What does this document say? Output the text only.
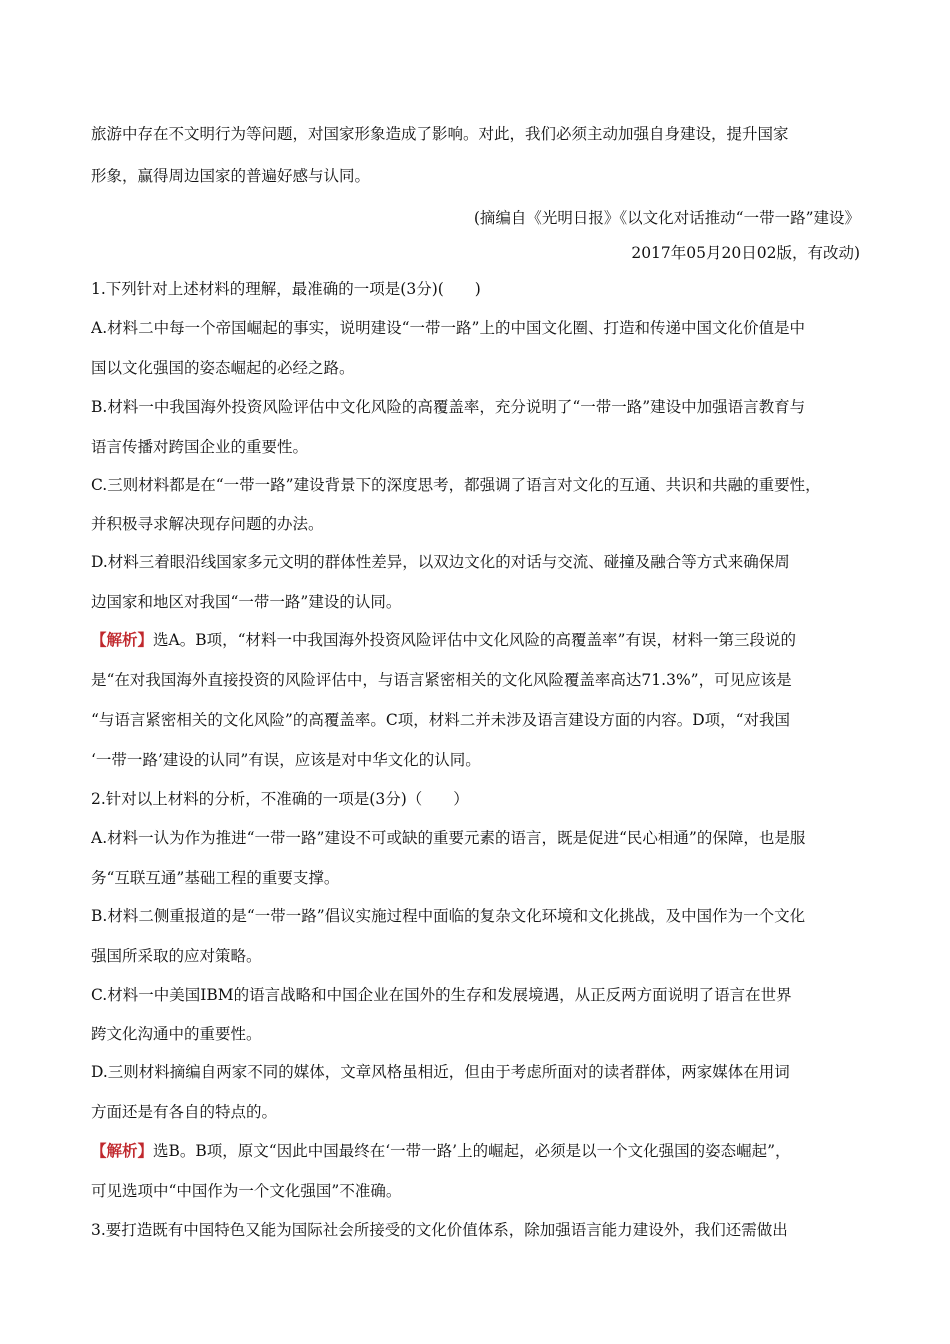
旅游中存在不文明行为等问题，对国家形象造成了影响。对此，我们必须主动加强自身建设，提升国家
形象，赢得周边国家的普遍好感与认同。
(摘编自《光明日报》《以文化对话推动“一带一路”建设》
2017年05月20日02版，有改动)
1.下列针对上述材料的理解，最准确的一项是(3分)(　　)
A.材料二中每一个帝国崛起的事实，说明建设“一带一路”上的中国文化圈、打造和传递中国文化价值是中
国以文化强国的姿态崛起的必经之路。
B.材料一中我国海外投资风险评估中文化风险的高覆盖率，充分说明了“一带一路”建设中加强语言教育与
语言传播对跨国企业的重要性。
C.三则材料都是在“一带一路”建设背景下的深度思考，都强调了语言对文化的互通、共识和共融的重要性，
并积极寻求解决现存问题的办法。
D.材料三着眼沿线国家多元文明的群体性差异，以双边文化的对话与交流、碰撞及融合等方式来确保周
边国家和地区对我国“一带一路”建设的认同。
【解析】选A。B项，“材料一中我国海外投资风险评估中文化风险的高覆盖率”有误，材料一第三段说的
是“在对我国海外直接投资的风险评估中，与语言紧密相关的文化风险覆盖率高达71.3%”，可见应该是
“与语言紧密相关的文化风险”的高覆盖率。C项，材料二并未涉及语言建设方面的内容。D项，“对我国
‘一带一路’建设的认同”有误，应该是对中华文化的认同。
2.针对以上材料的分析，不准确的一项是(3分)（　　）
A.材料一认为作为推进“一带一路”建设不可或缺的重要元素的语言，既是促进“民心相通”的保障，也是服
务“互联互通”基础工程的重要支撑。
B.材料二侧重报道的是“一带一路”倡议实施过程中面临的复杂文化环境和文化挑战，及中国作为一个文化
强国所采取的应对策略。
C.材料一中美国IBM的语言战略和中国企业在国外的生存和发展境遇，从正反两方面说明了语言在世界
跨文化沟通中的重要性。
D.三则材料摘编自两家不同的媒体，文章风格虽相近，但由于考虑所面对的读者群体，两家媒体在用词
方面还是有各自的特点的。
【解析】选B。B项，原文“因此中国最终在‘一带一路’上的崛起，必须是以一个文化强国的姿态崛起”，
可见选项中“中国作为一个文化强国”不准确。
3.要打造既有中国特色又能为国际社会所接受的文化价值体系，除加强语言能力建设外，我们还需做出
